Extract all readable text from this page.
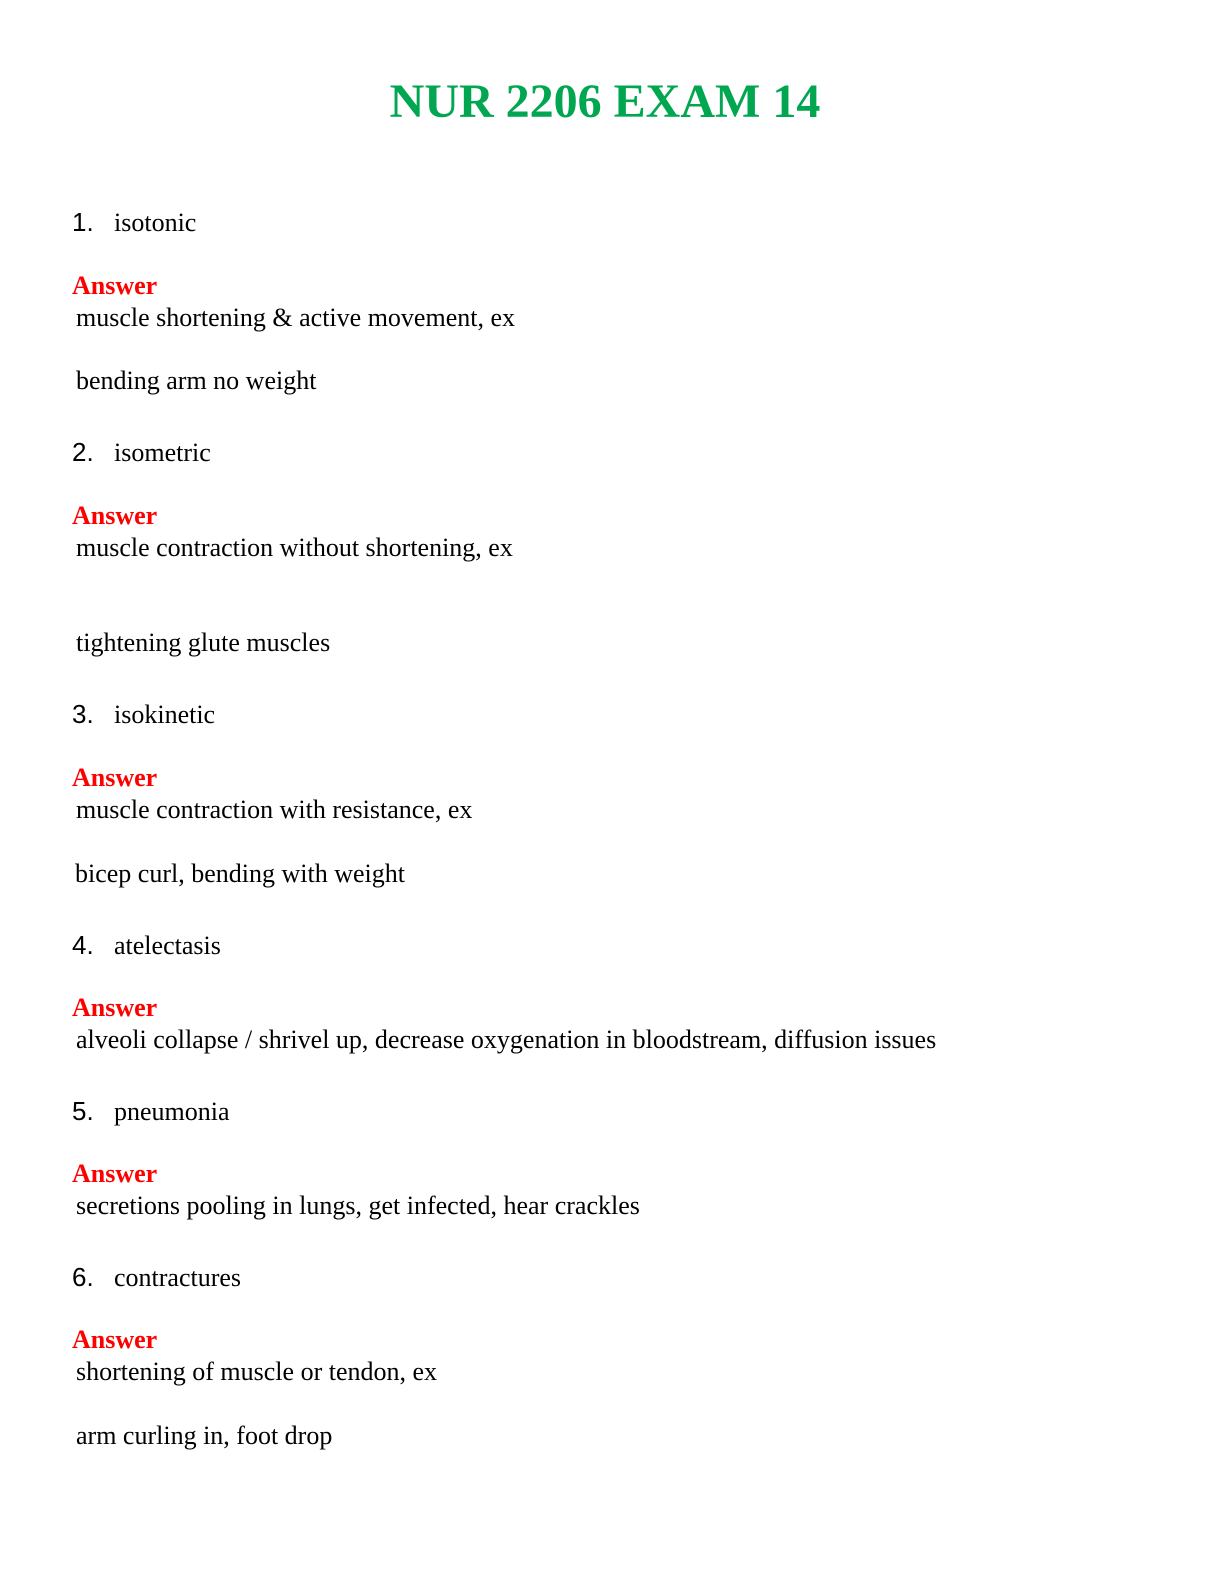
NUR 2206 EXAM 14
1. isotonic
Answer
muscle shortening & active movement, ex
bending arm no weight
2. isometric
Answer
muscle contraction without shortening, ex
tightening glute muscles
3. isokinetic
Answer
muscle contraction with resistance, ex
bicep curl, bending with weight
4. atelectasis
Answer
alveoli collapse / shrivel up, decrease oxygenation in bloodstream, diffusion issues
5. pneumonia
Answer
secretions pooling in lungs, get infected, hear crackles
6. contractures
Answer
shortening of muscle or tendon, ex
arm curling in, foot drop
